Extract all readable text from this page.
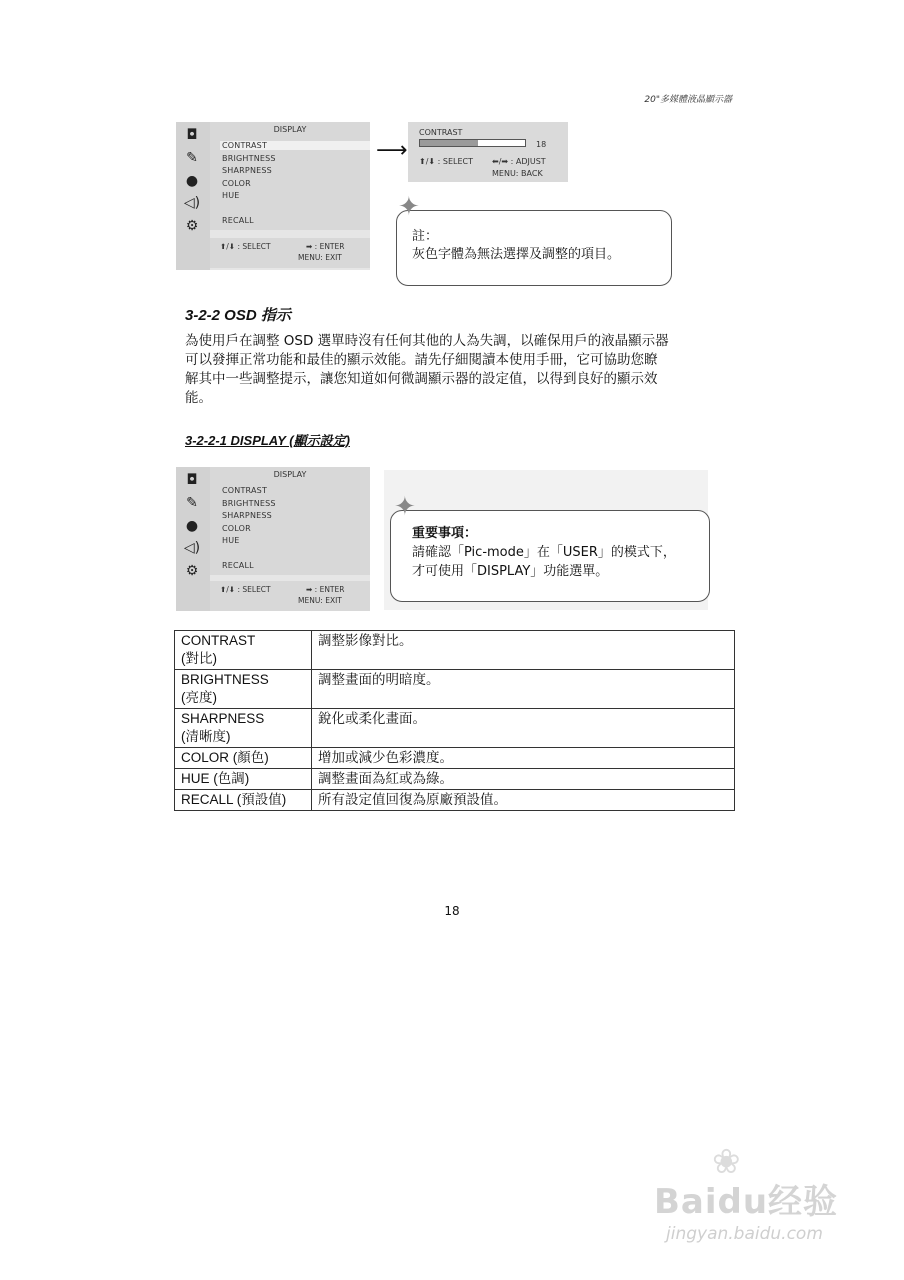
20"多媒體液晶顯示器
◘
✎
●
◁)
⚙
DISPLAY
CONTRAST
BRIGHTNESS
SHARPNESS
COLOR
HUE
RECALL
⬆/⬇ : SELECT	➡ : ENTER
MENU: EXIT
⟶
CONTRAST
18
⬆/⬇ : SELECT ⬅/➡ : ADJUST
MENU: BACK
✦
註：
灰色字體為無法選擇及調整的項目。
3-2-2 OSD 指示
為使用戶在調整 OSD 選單時沒有任何其他的人為失調，以確保用戶的液晶顯示器
可以發揮正常功能和最佳的顯示效能。請先仔細閱讀本使用手冊，它可協助您瞭
解其中一些調整提示，讓您知道如何微調顯示器的設定值，以得到良好的顯示效
能。
3-2-2-1 DISPLAY (顯示設定)
◘
✎
●
◁)
⚙
DISPLAY
CONTRAST
BRIGHTNESS
SHARPNESS
COLOR
HUE
RECALL
⬆/⬇ : SELECT	➡ : ENTER
MENU: EXIT
✦
重要事項：
請確認「Pic-mode」在「USER」的模式下，
才可使用「DISPLAY」功能選單。
CONTRAST
(對比)	調整影像對比。

BRIGHTNESS
(亮度)	調整畫面的明暗度。

SHARPNESS
(清晰度)	銳化或柔化畫面。
COLOR (顏色)	增加或減少色彩濃度。
HUE (色調)	調整畫面為紅或為綠。
RECALL (預設值)	所有設定值回復為原廠預設值。
18
❀
Baidu经验
jingyan.baidu.com
